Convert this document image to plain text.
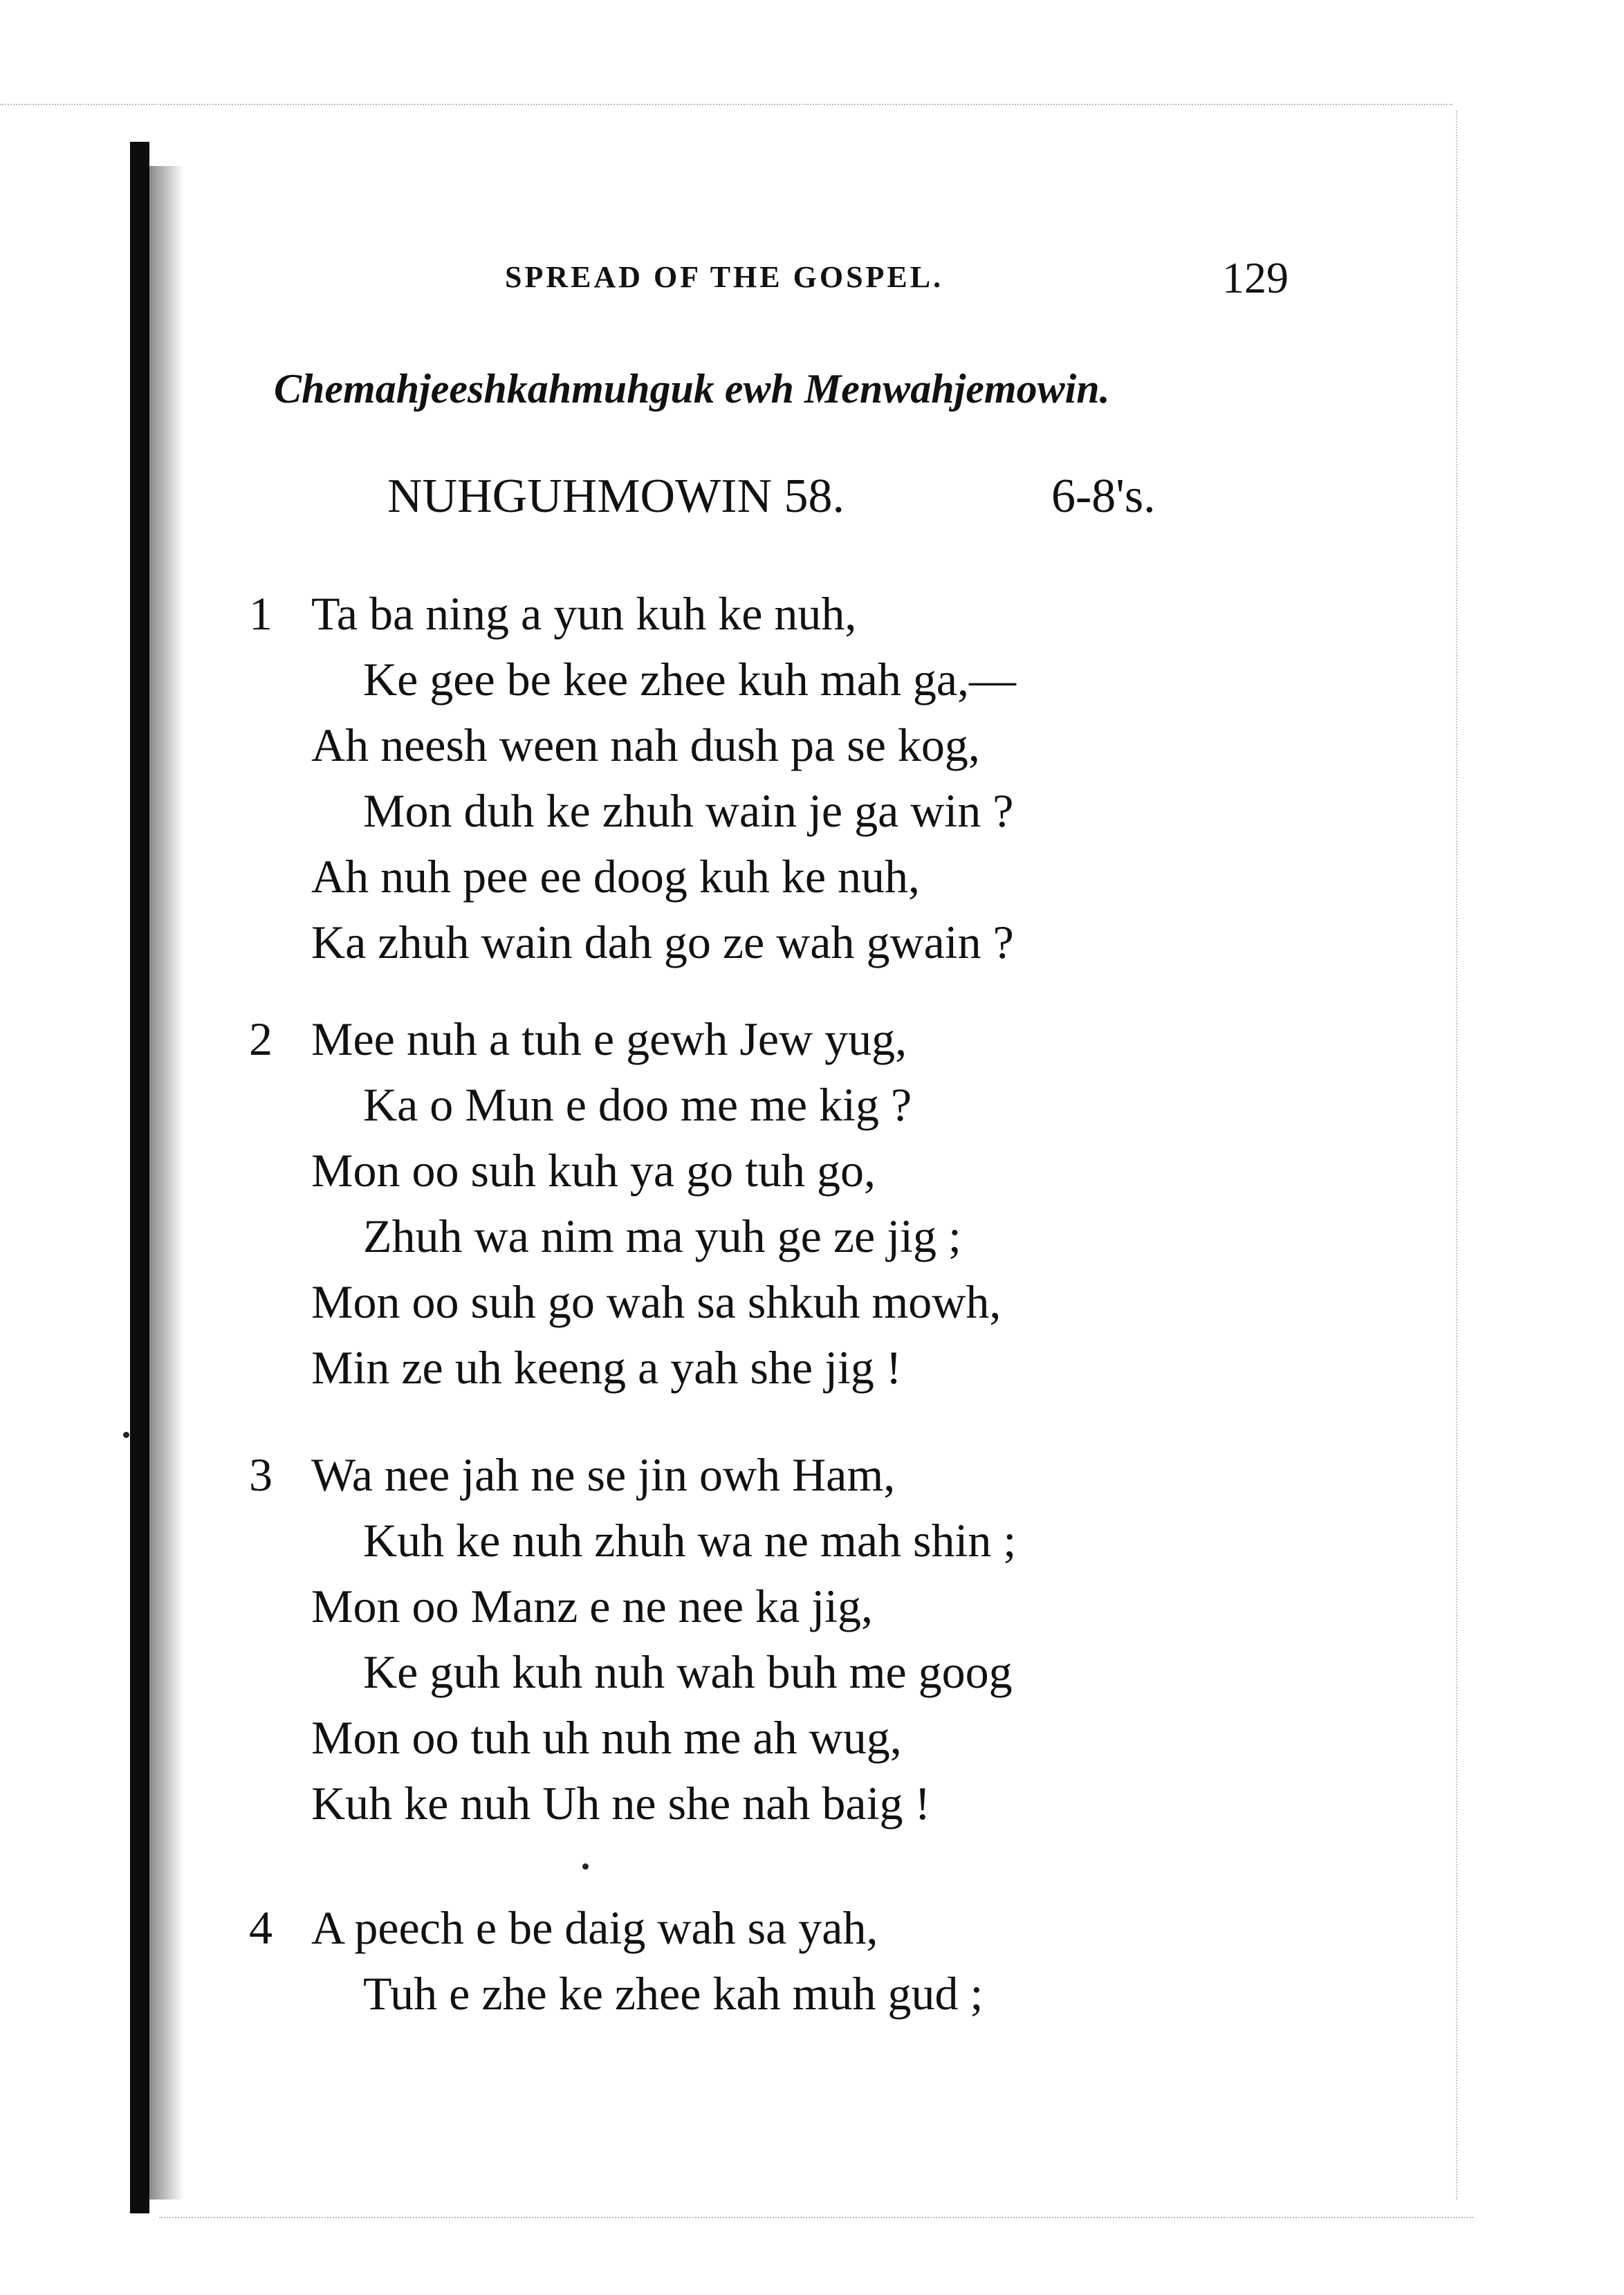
SPREAD OF THE GOSPEL.	129
Chemahjeeshkahmuhguk ewh Menwahjemowin.
NUHGUHMOWIN 58.	6-8's.
1 Ta ba ning a yun kuh ke nuh,
Ke gee be kee zhee kuh mah ga,—
Ah neesh ween nah dush pa se kog,
Mon duh ke zhuh wain je ga win ?
Ah nuh pee ee doog kuh ke nuh,
Ka zhuh wain dah go ze wah gwain ?
2 Mee nuh a tuh e gewh Jew yug,
Ka o Mun e doo me me kig ?
Mon oo suh kuh ya go tuh go,
Zhuh wa nim ma yuh ge ze jig ;
Mon oo suh go wah sa shkuh mowh,
Min ze uh keeng a yah she jig !
3 Wa nee jah ne se jin owh Ham,
Kuh ke nuh zhuh wa ne mah shin ;
Mon oo Manz e ne nee ka jig,
Ke guh kuh nuh wah buh me goog
Mon oo tuh uh nuh me ah wug,
Kuh ke nuh Uh ne she nah baig !
4 A peech e be daig wah sa yah,
Tuh e zhe ke zhee kah muh gud ;
